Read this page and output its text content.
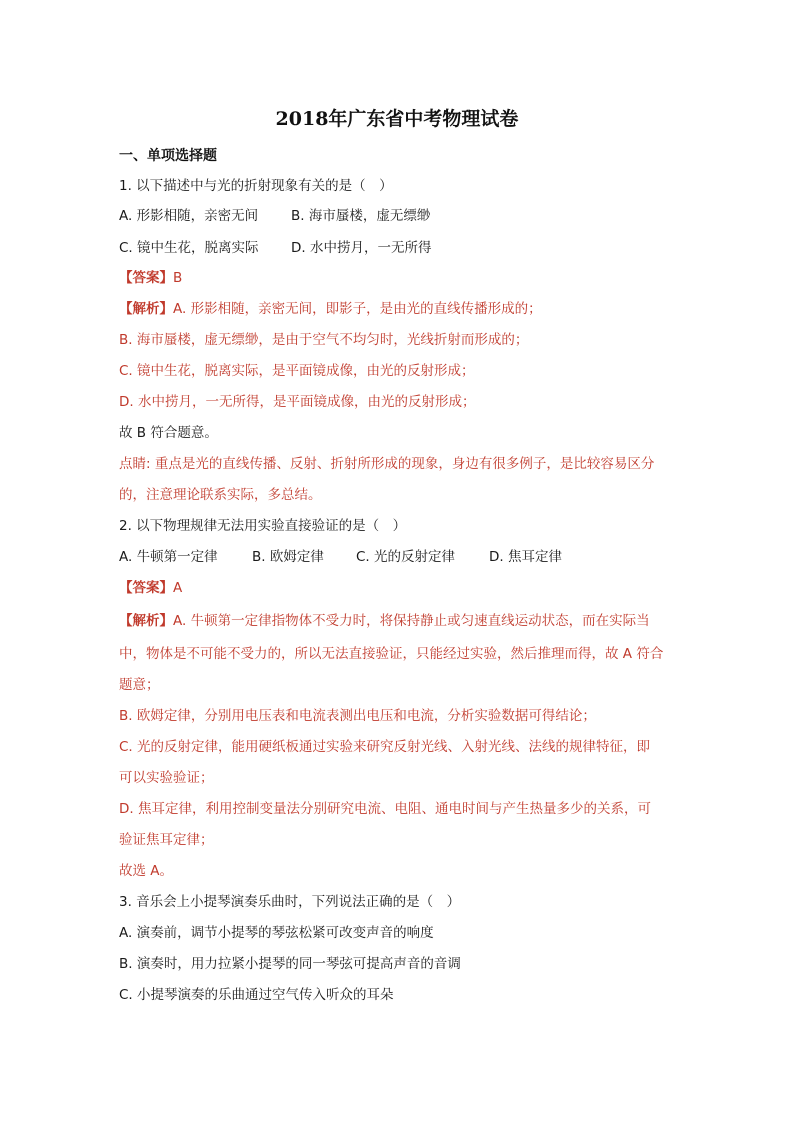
2018年广东省中考物理试卷
一、单项选择题
1. 以下描述中与光的折射现象有关的是（　）
A. 形影相随，亲密无间 B. 海市蜃楼，虚无缥缈
C. 镜中生花，脱离实际 D. 水中捞月，一无所得
【答案】B
【解析】A. 形影相随，亲密无间，即影子，是由光的直线传播形成的；
B. 海市蜃楼，虚无缥缈，是由于空气不均匀时，光线折射而形成的；
C. 镜中生花，脱离实际，是平面镜成像，由光的反射形成；
D. 水中捞月，一无所得，是平面镜成像，由光的反射形成；
故 B 符合题意。
点睛: 重点是光的直线传播、反射、折射所形成的现象，身边有很多例子，是比较容易区分
的，注意理论联系实际，多总结。
2. 以下物理规律无法用实验直接验证的是（　）
A. 牛顿第一定律	B. 欧姆定律 C. 光的反射定律	D. 焦耳定律
【答案】A
【解析】A. 牛顿第一定律指物体不受力时，将保持静止或匀速直线运动状态，而在实际当
中，物体是不可能不受力的，所以无法直接验证，只能经过实验，然后推理而得，故 A 符合
题意；
B. 欧姆定律，分别用电压表和电流表测出电压和电流，分析实验数据可得结论；
C. 光的反射定律，能用硬纸板通过实验来研究反射光线、入射光线、法线的规律特征，即
可以实验验证；
D. 焦耳定律，利用控制变量法分别研究电流、电阻、通电时间与产生热量多少的关系，可
验证焦耳定律；
故选 A。
3. 音乐会上小提琴演奏乐曲时，下列说法正确的是（　）
A. 演奏前，调节小提琴的琴弦松紧可改变声音的响度
B. 演奏时，用力拉紧小提琴的同一琴弦可提高声音的音调
C. 小提琴演奏的乐曲通过空气传入听众的耳朵
